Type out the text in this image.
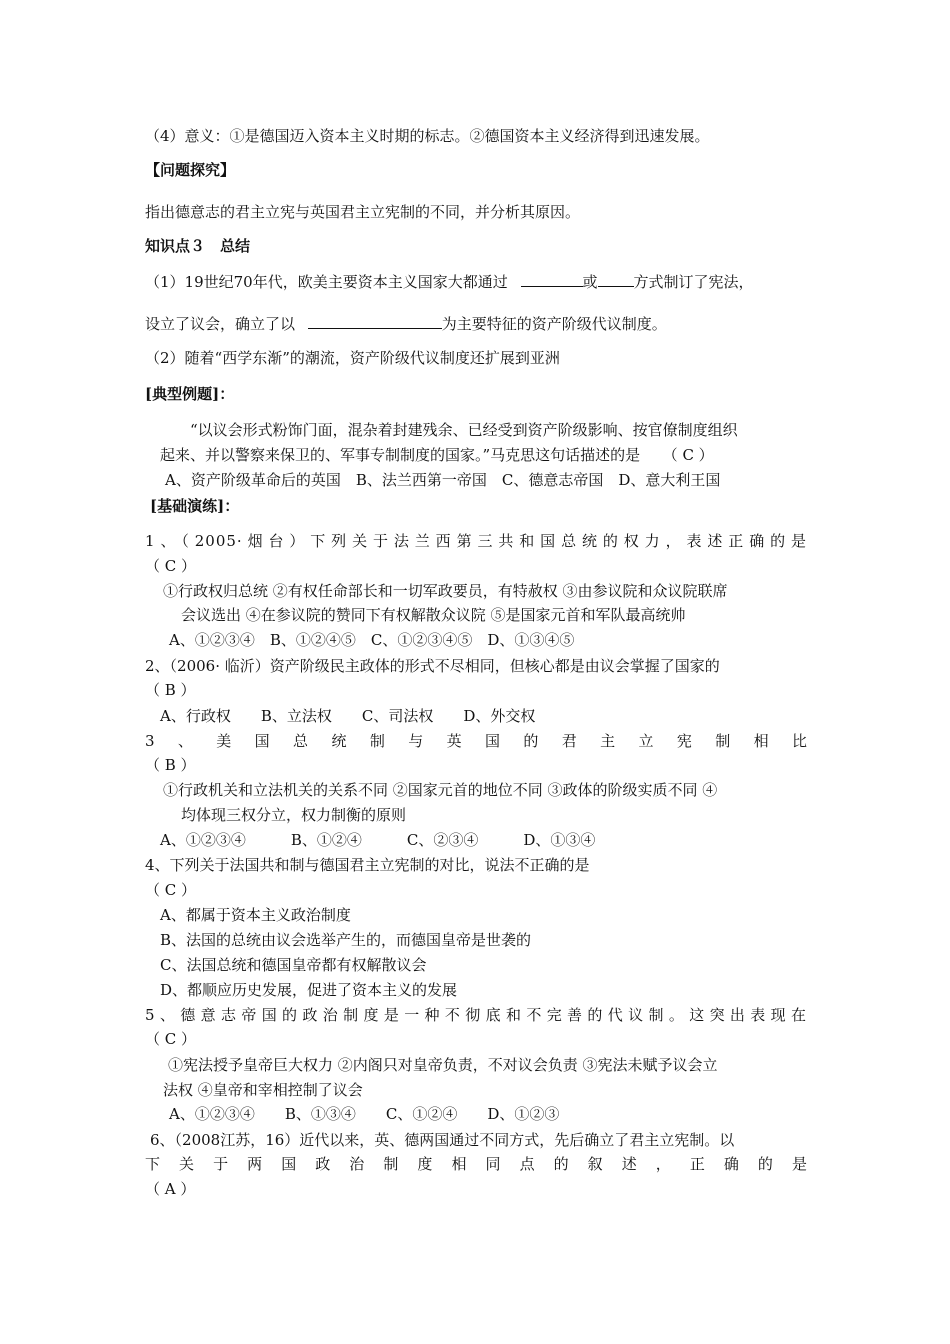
（4）意义：①是德国迈入资本主义时期的标志。②德国资本主义经济得到迅速发展。
【问题探究】
指出德意志的君主立宪与英国君主立宪制的不同，并分析其原因。
知识点３　总结
（1）19世纪70年代，欧美主要资本主义国家大都通过	或 方式制订了宪法，
设立了议会，确立了以	为主要特征的资产阶级代议制度。
（2）随着“西学东渐”的潮流，资产阶级代议制度还扩展到亚洲
[典型例题]：
“以议会形式粉饰门面，混杂着封建残余、已经受到资产阶级影响、按官僚制度组织
起来、并以警察来保卫的、军事专制制度的国家。”马克思这句话描述的是　　（ C ）
A、资产阶级革命后的英国　B、法兰西第一帝国　C、德意志帝国　D、意大利王国
[基础演练]：
1、（2005·烟台）下列关于法兰西第三共和国总统的权力，表述正确的是
（ C ）
①行政权归总统 ②有权任命部长和一切军政要员，有特赦权 ③由参议院和众议院联席
会议选出 ④在参议院的赞同下有权解散众议院 ⑤是国家元首和军队最高统帅
A、①②③④　B、①②④⑤　C、①②③④⑤　D、①③④⑤
2、（2006· 临沂）资产阶级民主政体的形式不尽相同，但核心都是由议会掌握了国家的
（ B ）
A、行政权　　B、立法权　　C、司法权　　D、外交权
3、美国总统制与英国的君主立宪制相比
（ B ）
①行政机关和立法机关的关系不同 ②国家元首的地位不同 ③政体的阶级实质不同 ④
均体现三权分立，权力制衡的原则
A、①②③④　　　B、①②④　　　C、②③④　　　D、①③④
4、下列关于法国共和制与德国君主立宪制的对比，说法不正确的是
（ C ）
A、都属于资本主义政治制度
B、法国的总统由议会选举产生的，而德国皇帝是世袭的
C、法国总统和德国皇帝都有权解散议会
D、都顺应历史发展，促进了资本主义的发展
5、德意志帝国的政治制度是一种不彻底和不完善的代议制。这突出表现在
（ C ）
①宪法授予皇帝巨大权力 ②内阁只对皇帝负责，不对议会负责 ③宪法未赋予议会立
法权 ④皇帝和宰相控制了议会
A、①②③④　　B、①③④　　C、①②④　　D、①②③
6、（2008江苏，16）近代以来，英、德两国通过不同方式，先后确立了君主立宪制。以
下关于两国政治制度相同点的叙述，正确的是
（ A ）
